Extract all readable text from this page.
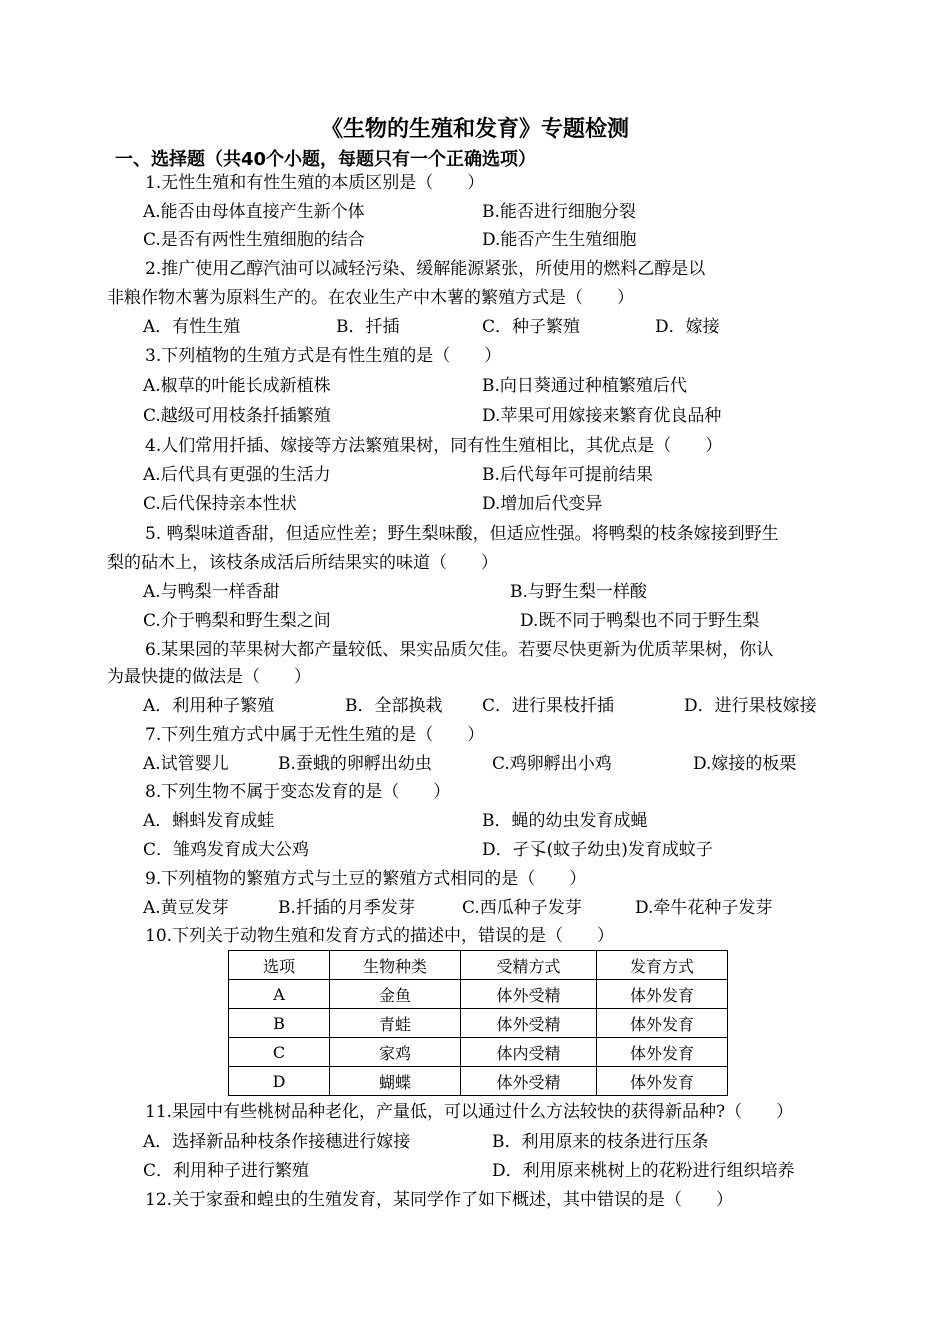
《生物的生殖和发育》专题检测
一、选择题（共40个小题，每题只有一个正确选项）
1.无性生殖和有性生殖的本质区别是（　　）
A.能否由母体直接产生新个体	B.能否进行细胞分裂
C.是否有两性生殖细胞的结合	D.能否产生生殖细胞
2.推广使用乙醇汽油可以减轻污染、缓解能源紧张，所使用的燃料乙醇是以
非粮作物木薯为原料生产的。在农业生产中木薯的繁殖方式是（　　）
A．有性生殖	B．扦插	C．种子繁殖	D．嫁接
3.下列植物的生殖方式是有性生殖的是（　　）
A.椒草的叶能长成新植株	B.向日葵通过种植繁殖后代
C.越级可用枝条扦插繁殖	D.苹果可用嫁接来繁育优良品种
4.人们常用扦插、嫁接等方法繁殖果树，同有性生殖相比，其优点是（　　）
A.后代具有更强的生活力	B.后代每年可提前结果
C.后代保持亲本性状	D.增加后代变异
5. 鸭梨味道香甜，但适应性差；野生梨味酸，但适应性强。将鸭梨的枝条嫁接到野生
梨的砧木上，该枝条成活后所结果实的味道（　　）
A.与鸭梨一样香甜	B.与野生梨一样酸
C.介于鸭梨和野生梨之间	D.既不同于鸭梨也不同于野生梨
6.某果园的苹果树大都产量较低、果实品质欠佳。若要尽快更新为优质苹果树，你认
为最快捷的做法是（　　）
A．利用种子繁殖	B．全部换栽 C．进行果枝扦插	D．进行果枝嫁接
7.下列生殖方式中属于无性生殖的是（　　）
A.试管婴儿	B.蚕蛾的卵孵出幼虫	C.鸡卵孵出小鸡	D.嫁接的板栗
8.下列生物不属于变态发育的是（　　）
A．蝌蚪发育成蛙	B．蝇的幼虫发育成蝇
C．雏鸡发育成大公鸡	D．孑孓(蚊子幼虫)发育成蚊子
9.下列植物的繁殖方式与土豆的繁殖方式相同的是（　　）
A.黄豆发芽	B.扦插的月季发芽	C.西瓜种子发芽	D.牵牛花种子发芽
10.下列关于动物生殖和发育方式的描述中，错误的是（　　）
选项	生物种类	受精方式	发育方式
A	金鱼	体外受精	体外发育
B	青蛙	体外受精	体外发育
C	家鸡	体内受精	体外发育
D	蝴蝶	体外受精	体外发育
11.果园中有些桃树品种老化，产量低，可以通过什么方法较快的获得新品种?（　　）
A．选择新品种枝条作接穗进行嫁接	B．利用原来的枝条进行压条
C．利用种子进行繁殖	D．利用原来桃树上的花粉进行组织培养
12.关于家蚕和蝗虫的生殖发育，某同学作了如下概述，其中错误的是（　　）
